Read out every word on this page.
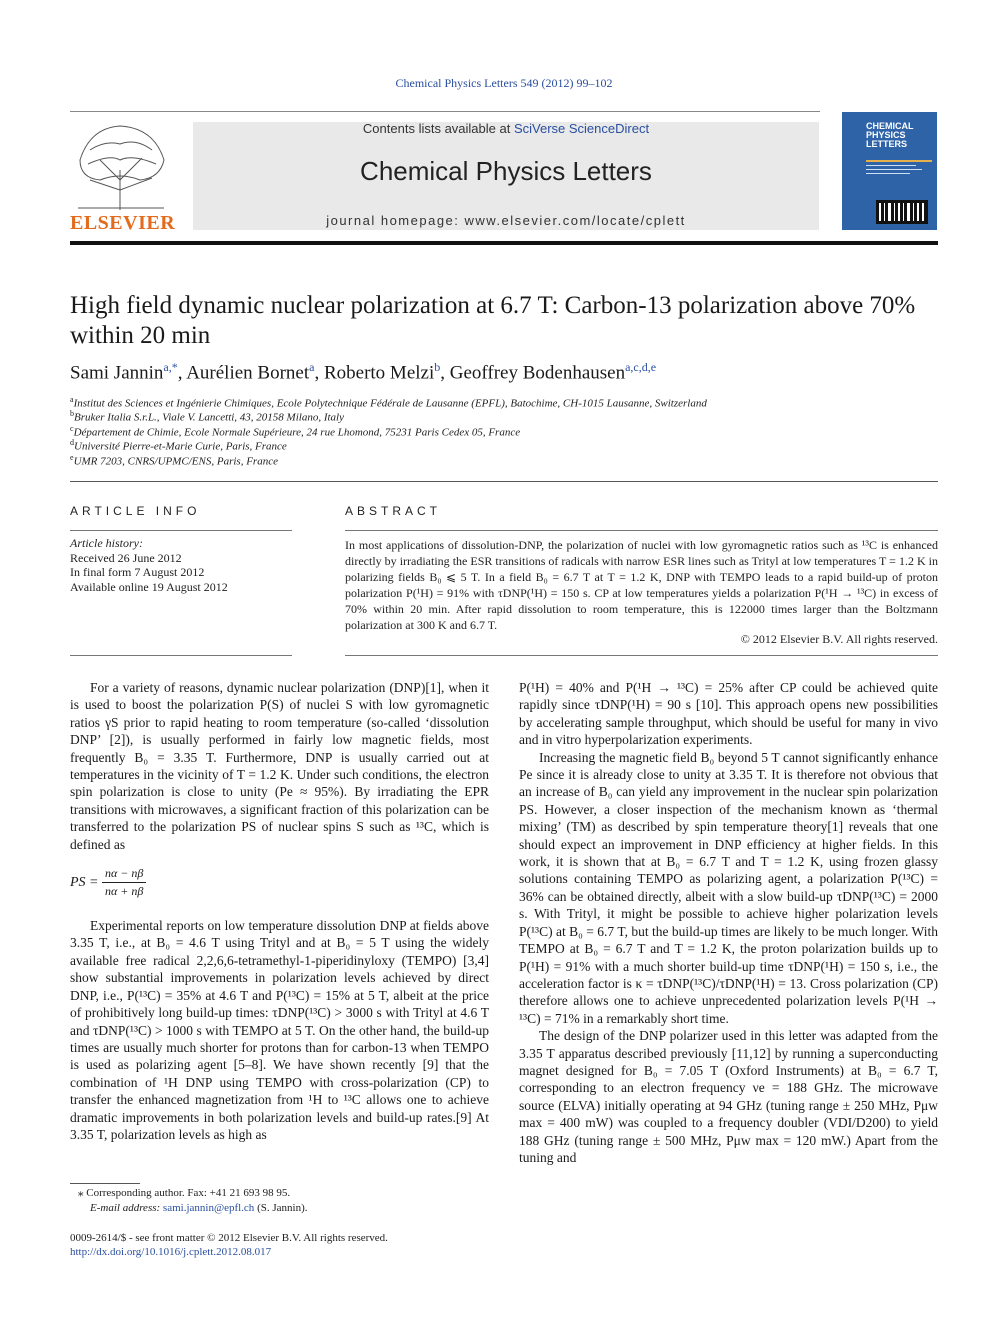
Chemical Physics Letters 549 (2012) 99–102
ELSEVIER
Contents lists available at SciVerse ScienceDirect
Chemical Physics Letters
journal homepage: www.elsevier.com/locate/cplett
CHEMICAL
PHYSICS
LETTERS
High field dynamic nuclear polarization at 6.7 T: Carbon-13 polarization above 70% within 20 min
Sami Jannin$^{a,*}$, Aurélien Bornet$^a$, Roberto Melzi$^b$, Geoffrey Bodenhausen$^{a,c,d,e}$
$^a$Institut des Sciences et Ingénierie Chimiques, Ecole Polytechnique Fédérale de Lausanne (EPFL), Batochime, CH-1015 Lausanne, Switzerland
$^b$Bruker Italia S.r.L., Viale V. Lancetti, 43, 20158 Milano, Italy
$^c$Département de Chimie, Ecole Normale Supérieure, 24 rue Lhomond, 75231 Paris Cedex 05, France
$^d$Université Pierre-et-Marie Curie, Paris, France
$^e$UMR 7203, CNRS/UPMC/ENS, Paris, France
ARTICLE INFO
Article history:
Received 26 June 2012
In final form 7 August 2012
Available online 19 August 2012
ABSTRACT
In most applications of dissolution-DNP, the polarization of nuclei with low gyromagnetic ratios such as ¹³C is enhanced directly by irradiating the ESR transitions of radicals with narrow ESR lines such as Trityl at low temperatures T = 1.2 K in polarizing fields B₀ ⩽ 5 T. In a field B₀ = 6.7 T at T = 1.2 K, DNP with TEMPO leads to a rapid build-up of proton polarization P(¹H) = 91% with τDNP(¹H) = 150 s. CP at low temperatures yields a polarization P(¹H → ¹³C) in excess of 70% within 20 min. After rapid dissolution to room temperature, this is 122000 times larger than the Boltzmann polarization at 300 K and 6.7 T.
© 2012 Elsevier B.V. All rights reserved.

For a variety of reasons, dynamic nuclear polarization (DNP)[1], when it is used to boost the polarization P(S) of nuclei S with low gyromagnetic ratios γS prior to rapid heating to room temperature (so-called ‘dissolution DNP’ [2]), is usually performed in fairly low magnetic fields, most frequently B₀ = 3.35 T. Furthermore, DNP is usually carried out at temperatures in the vicinity of T = 1.2 K. Under such conditions, the electron spin polarization is close to unity (Pe ≈ 95%). By irradiating the EPR transitions with microwaves, a significant fraction of this polarization can be transferred to the polarization PS of nuclear spins S such as ¹³C, which is defined as

PS = $\frac{n\alpha - n\beta}{n\alpha + n\beta}$

Experimental reports on low temperature dissolution DNP at fields above 3.35 T, i.e., at B₀ = 4.6 T using Trityl and at B₀ = 5 T using the widely available free radical 2,2,6,6-tetramethyl-1-piperidinyloxy (TEMPO) [3,4] show substantial improvements in polarization levels achieved by direct DNP, i.e., P(¹³C) = 35% at 4.6 T and P(¹³C) = 15% at 5 T, albeit at the price of prohibitively long build-up times: τDNP(¹³C) > 3000 s with Trityl at 4.6 T and τDNP(¹³C) > 1000 s with TEMPO at 5 T. On the other hand, the build-up times are usually much shorter for protons than for carbon-13 when TEMPO is used as polarizing agent [5–8]. We have shown recently [9] that the combination of ¹H DNP using TEMPO with cross-polarization (CP) to transfer the enhanced magnetization from ¹H to ¹³C allows one to achieve dramatic improvements in both polarization levels and build-up rates.[9] At 3.35 T, polarization levels as high as

P(¹H) = 40% and P(¹H → ¹³C) = 25% after CP could be achieved quite rapidly since τDNP(¹H) = 90 s [10]. This approach opens new possibilities by accelerating sample throughput, which should be useful for many in vivo and in vitro hyperpolarization experiments.

Increasing the magnetic field B₀ beyond 5 T cannot significantly enhance Pe since it is already close to unity at 3.35 T. It is therefore not obvious that an increase of B₀ can yield any improvement in the nuclear spin polarization PS. However, a closer inspection of the mechanism known as ‘thermal mixing’ (TM) as described by spin temperature theory[1] reveals that one should expect an improvement in DNP efficiency at higher fields. In this work, it is shown that at B₀ = 6.7 T and T = 1.2 K, using frozen glassy solutions containing TEMPO as polarizing agent, a polarization P(¹³C) = 36% can be obtained directly, albeit with a slow build-up τDNP(¹³C) = 2000 s. With Trityl, it might be possible to achieve higher polarization levels P(¹³C) at B₀ = 6.7 T, but the build-up times are likely to be much longer. With TEMPO at B₀ = 6.7 T and T = 1.2 K, the proton polarization builds up to P(¹H) = 91% with a much shorter build-up time τDNP(¹H) = 150 s, i.e., the acceleration factor is κ = τDNP(¹³C)/τDNP(¹H) = 13. Cross polarization (CP) therefore allows one to achieve unprecedented polarization levels P(¹H → ¹³C) = 71% in a remarkably short time.

The design of the DNP polarizer used in this letter was adapted from the 3.35 T apparatus described previously [11,12] by running a superconducting magnet designed for B₀ = 7.05 T (Oxford Instruments) at B₀ = 6.7 T, corresponding to an electron frequency νe = 188 GHz. The microwave source (ELVA) initially operating at 94 GHz (tuning range ± 250 MHz, Pμw max = 400 mW) was coupled to a frequency doubler (VDI/D200) to yield 188 GHz (tuning range ± 500 MHz, Pμw max = 120 mW.) Apart from the tuning and

⁎ Corresponding author. Fax: +41 21 693 98 95.
E-mail address: sami.jannin@epfl.ch (S. Jannin).
0009-2614/$ - see front matter © 2012 Elsevier B.V. All rights reserved.
http://dx.doi.org/10.1016/j.cplett.2012.08.017
